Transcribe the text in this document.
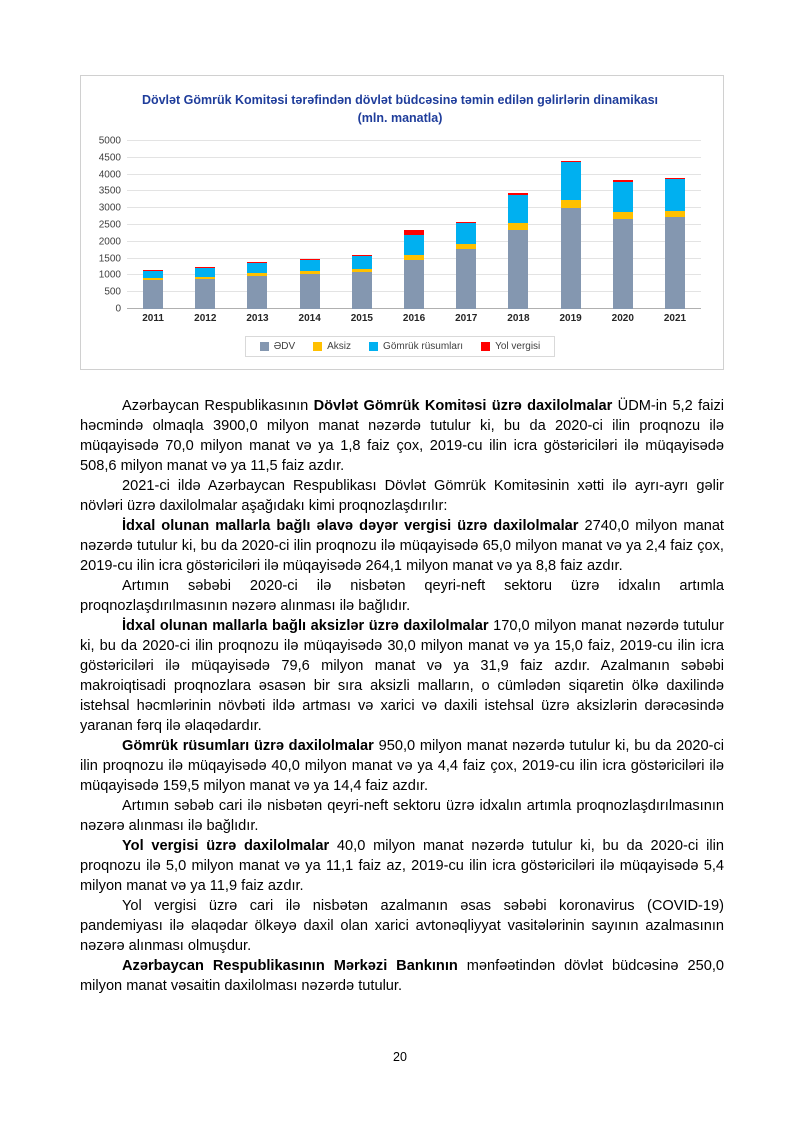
Dövlət Gömrük Komitəsi tərəfindən dövlət büdcəsinə təmin edilən gəlirlərin dinamikası (mln. manatla)
0
500
1000
1500
2000
2500
3000
3500
4000
4500
5000
2011	2012	2013	2014	2015	2016	2017	2018	2019	2020	2021
ƏDV	Aksiz	Gömrük rüsumları	Yol vergisi

Azərbaycan Respublikasının Dövlət Gömrük Komitəsi üzrə daxilolmalar ÜDM-in 5,2 faizi həcmində olmaqla 3900,0 milyon manat nəzərdə tutulur ki, bu da 2020-ci ilin proqnozu ilə müqayisədə 70,0 milyon manat və ya 1,8 faiz çox, 2019-cu ilin icra göstəriciləri ilə müqayisədə 508,6 milyon manat və ya 11,5 faiz azdır.

2021-ci ildə Azərbaycan Respublikası Dövlət Gömrük Komitəsinin xətti ilə ayrı-ayrı gəlir növləri üzrə daxilolmalar aşağıdakı kimi proqnozlaşdırılır:

İdxal olunan mallarla bağlı əlavə dəyər vergisi üzrə daxilolmalar 2740,0 milyon manat nəzərdə tutulur ki, bu da 2020-ci ilin proqnozu ilə müqayisədə 65,0 milyon manat və ya 2,4 faiz çox, 2019-cu ilin icra göstəriciləri ilə müqayisədə 264,1 milyon manat və ya 8,8 faiz azdır.

Artımın səbəbi 2020-ci ilə nisbətən qeyri-neft sektoru üzrə idxalın artımla proqnozlaşdırılmasının nəzərə alınması ilə bağlıdır.

İdxal olunan mallarla bağlı aksizlər üzrə daxilolmalar 170,0 milyon manat nəzərdə tutulur ki, bu da 2020-ci ilin proqnozu ilə müqayisədə 30,0 milyon manat və ya 15,0 faiz, 2019-cu ilin icra göstəriciləri ilə müqayisədə 79,6 milyon manat və ya 31,9 faiz azdır. Azalmanın səbəbi makroiqtisadi proqnozlara əsasən bir sıra aksizli malların, o cümlədən siqaretin ölkə daxilində istehsal həcmlərinin növbəti ildə artması və xarici və daxili istehsal üzrə aksizlərin dərəcəsində yaranan fərq ilə əlaqədardır.

Gömrük rüsumları üzrə daxilolmalar 950,0 milyon manat nəzərdə tutulur ki, bu da 2020-ci ilin proqnozu ilə müqayisədə 40,0 milyon manat və ya 4,4 faiz çox, 2019-cu ilin icra göstəriciləri ilə müqayisədə 159,5 milyon manat və ya 14,4 faiz azdır.

Artımın səbəb cari ilə nisbətən qeyri-neft sektoru üzrə idxalın artımla proqnozlaşdırılmasının nəzərə alınması ilə bağlıdır.

Yol vergisi üzrə daxilolmalar 40,0 milyon manat nəzərdə tutulur ki, bu da 2020-ci ilin proqnozu ilə 5,0 milyon manat və ya 11,1 faiz az, 2019-cu ilin icra göstəriciləri ilə müqayisədə 5,4 milyon manat və ya 11,9 faiz azdır.

Yol vergisi üzrə cari ilə nisbətən azalmanın əsas səbəbi koronavirus (COVID-19) pandemiyası ilə əlaqədar ölkəyə daxil olan xarici avtonəqliyyat vasitələrinin sayının azalmasının nəzərə alınması olmuşdur.

Azərbaycan Respublikasının Mərkəzi Bankının mənfəətindən dövlət büdcəsinə 250,0 milyon manat vəsaitin daxilolması nəzərdə tutulur.

20
